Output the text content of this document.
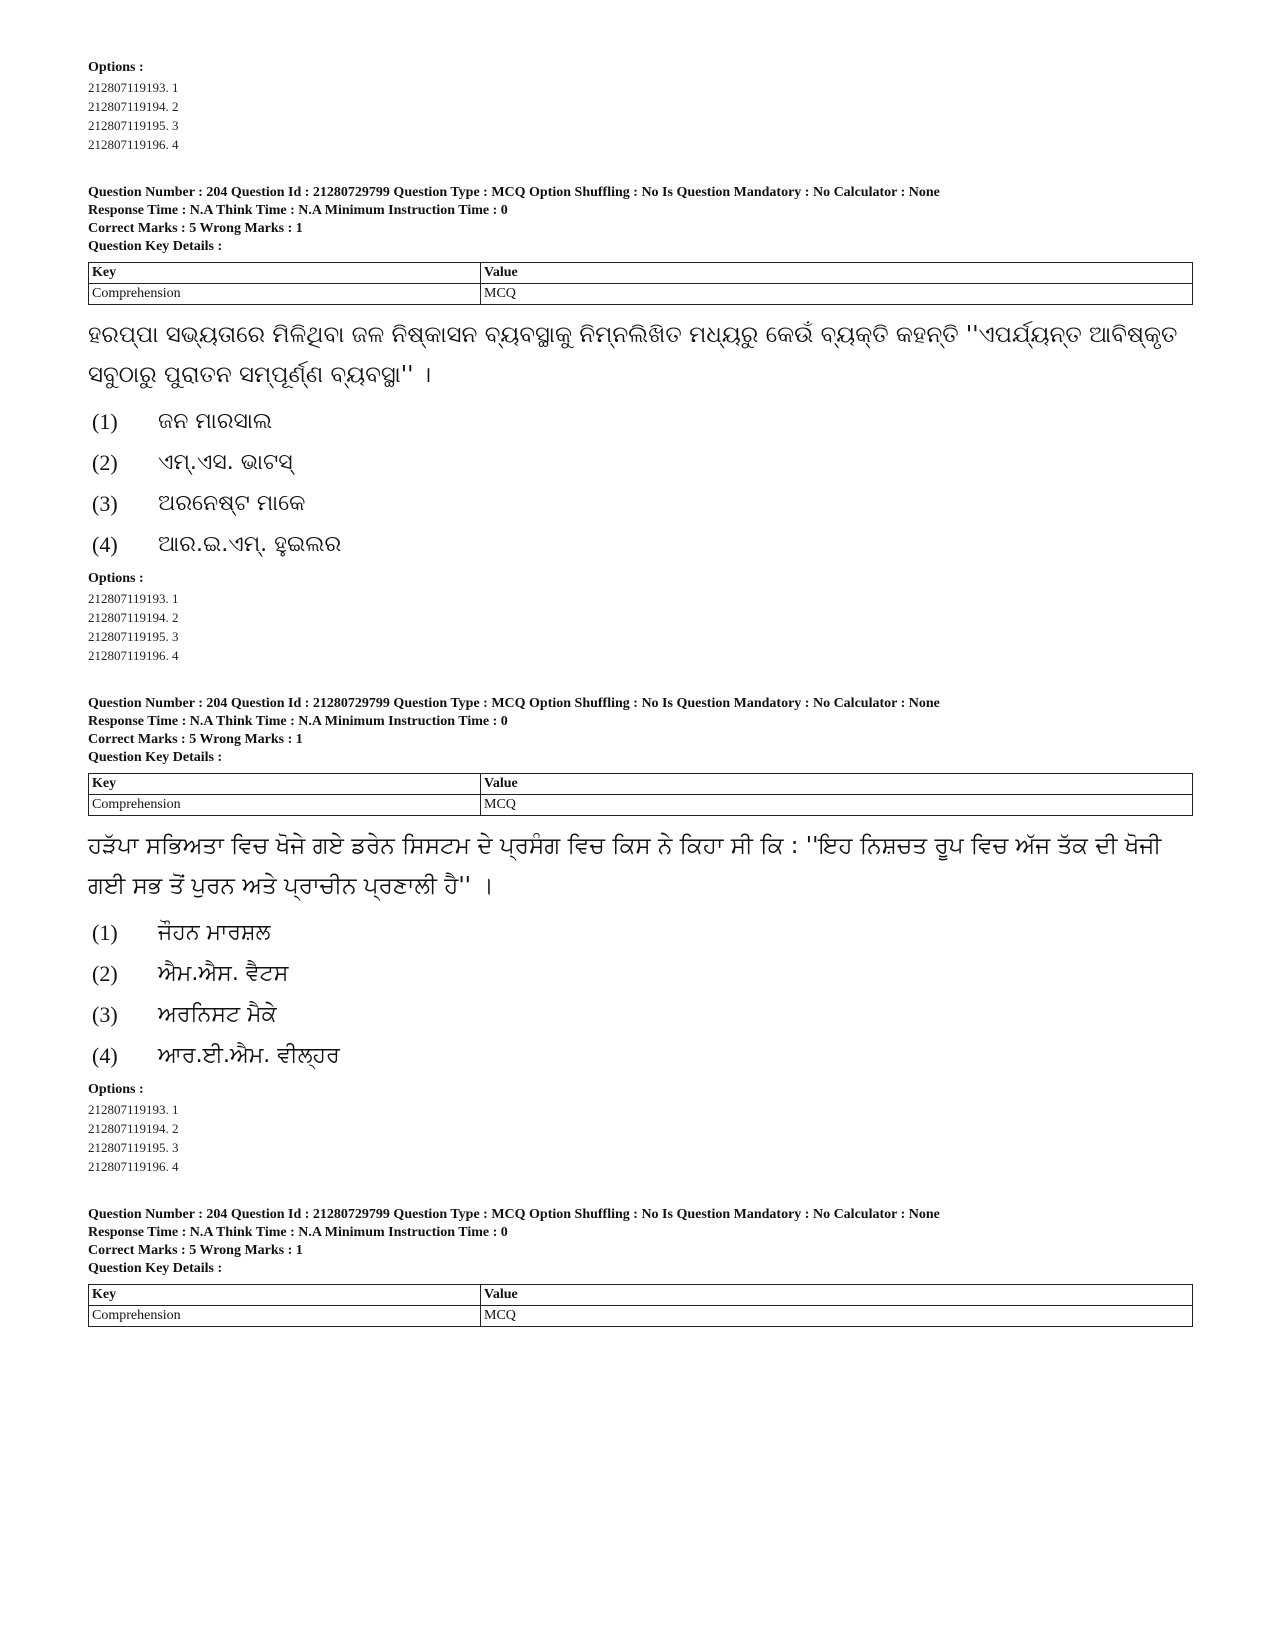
Options :
212807119193. 1
212807119194. 2
212807119195. 3
212807119196. 4
Question Number : 204 Question Id : 21280729799 Question Type : MCQ Option Shuffling : No Is Question Mandatory : No Calculator : None
Response Time : N.A Think Time : N.A Minimum Instruction Time : 0
Correct Marks : 5 Wrong Marks : 1
Question Key Details :
Key	Value
Comprehension	MCQ
ହରପ୍ପା ସଭ୍ୟତାରେ ମିଳିଥିବା ଜଳ ନିଷ୍କାସନ ବ୍ୟବସ୍ଥାକୁ ନିମ୍ନଲିଖିତ ମଧ୍ୟରୁ କେଉଁ ବ୍ୟକ୍ତି କହନ୍ତି ''ଏପର୍ଯ୍ୟନ୍ତ ଆବିଷ୍କୃତ ସବୁଠାରୁ ପୁରାତନ ସମ୍ପୂର୍ଣ୍ଣ ବ୍ୟବସ୍ଥା'' ।
(1)	ଜନ ମାରସାଲ
(2)	ଏମ୍.ଏସ. ଭାଟସ୍
(3)	ଅରନେଷ୍ଟ ମାକେ
(4)	ଆର.ଇ.ଏମ୍. ହୁଇଲର
Options :
212807119193. 1
212807119194. 2
212807119195. 3
212807119196. 4
Question Number : 204 Question Id : 21280729799 Question Type : MCQ Option Shuffling : No Is Question Mandatory : No Calculator : None
Response Time : N.A Think Time : N.A Minimum Instruction Time : 0
Correct Marks : 5 Wrong Marks : 1
Question Key Details :
Key	Value
Comprehension	MCQ
ਹੜੱਪਾ ਸਭਿਅਤਾ ਵਿਚ ਖੋਜੇ ਗਏ ਡਰੇਨ ਸਿਸਟਮ ਦੇ ਪ੍ਰਸੰਗ ਵਿਚ ਕਿਸ ਨੇ ਕਿਹਾ ਸੀ ਕਿ : ''ਇਹ ਨਿਸ਼ਚਤ ਰੂਪ ਵਿਚ ਅੱਜ ਤੱਕ ਦੀ ਖੋਜੀ ਗਈ ਸਭ ਤੋਂ ਪੁਰਨ ਅਤੇ ਪ੍ਰਾਚੀਨ ਪ੍ਰਣਾਲੀ ਹੈ'' ।
(1)	ਜੌਹਨ ਮਾਰਸ਼ਲ
(2)	ਐਮ.ਐਸ. ਵੈਟਸ
(3)	ਅਰਨਿਸਟ ਮੈਕੇ
(4)	ਆਰ.ਈ.ਐਮ. ਵੀਲ੍ਹਰ
Options :
212807119193. 1
212807119194. 2
212807119195. 3
212807119196. 4
Question Number : 204 Question Id : 21280729799 Question Type : MCQ Option Shuffling : No Is Question Mandatory : No Calculator : None
Response Time : N.A Think Time : N.A Minimum Instruction Time : 0
Correct Marks : 5 Wrong Marks : 1
Question Key Details :
Key	Value
Comprehension	MCQ
